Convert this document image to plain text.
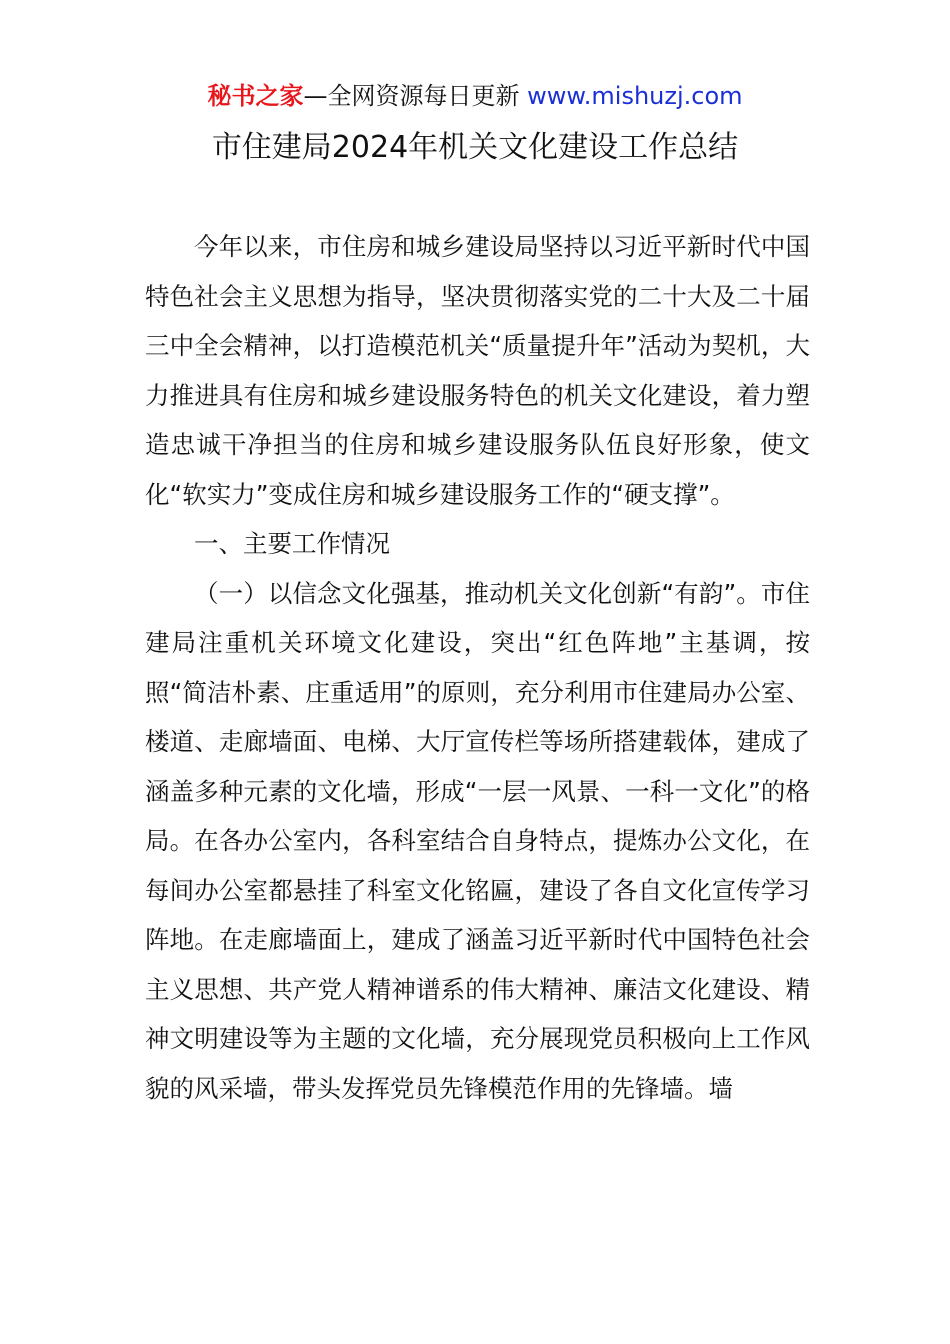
秘书之家—全网资源每日更新 www.mishuzj.com
市住建局2024年机关文化建设工作总结

今年以来，市住房和城乡建设局坚持以习近平新时代中国特色社会主义思想为指导，坚决贯彻落实党的二十大及二十届三中全会精神，以打造模范机关“质量提升年”活动为契机，大力推进具有住房和城乡建设服务特色的机关文化建设，着力塑造忠诚干净担当的住房和城乡建设服务队伍良好形象，使文化“软实力”变成住房和城乡建设服务工作的“硬支撑”。

一、主要工作情况

（一）以信念文化强基，推动机关文化创新“有韵”。市住建局注重机关环境文化建设，突出“红色阵地”主基调，按照“简洁朴素、庄重适用”的原则，充分利用市住建局办公室、楼道、走廊墙面、电梯、大厅宣传栏等场所搭建载体，建成了涵盖多种元素的文化墙，形成“一层一风景、一科一文化”的格局。在各办公室内，各科室结合自身特点，提炼办公文化，在每间办公室都悬挂了科室文化铭匾，建设了各自文化宣传学习阵地。在走廊墙面上，建成了涵盖习近平新时代中国特色社会主义思想、共产党人精神谱系的伟大精神、廉洁文化建设、精神文明建设等为主题的文化墙，充分展现党员积极向上工作风貌的风采墙，带头发挥党员先锋模范作用的先锋墙。墙
